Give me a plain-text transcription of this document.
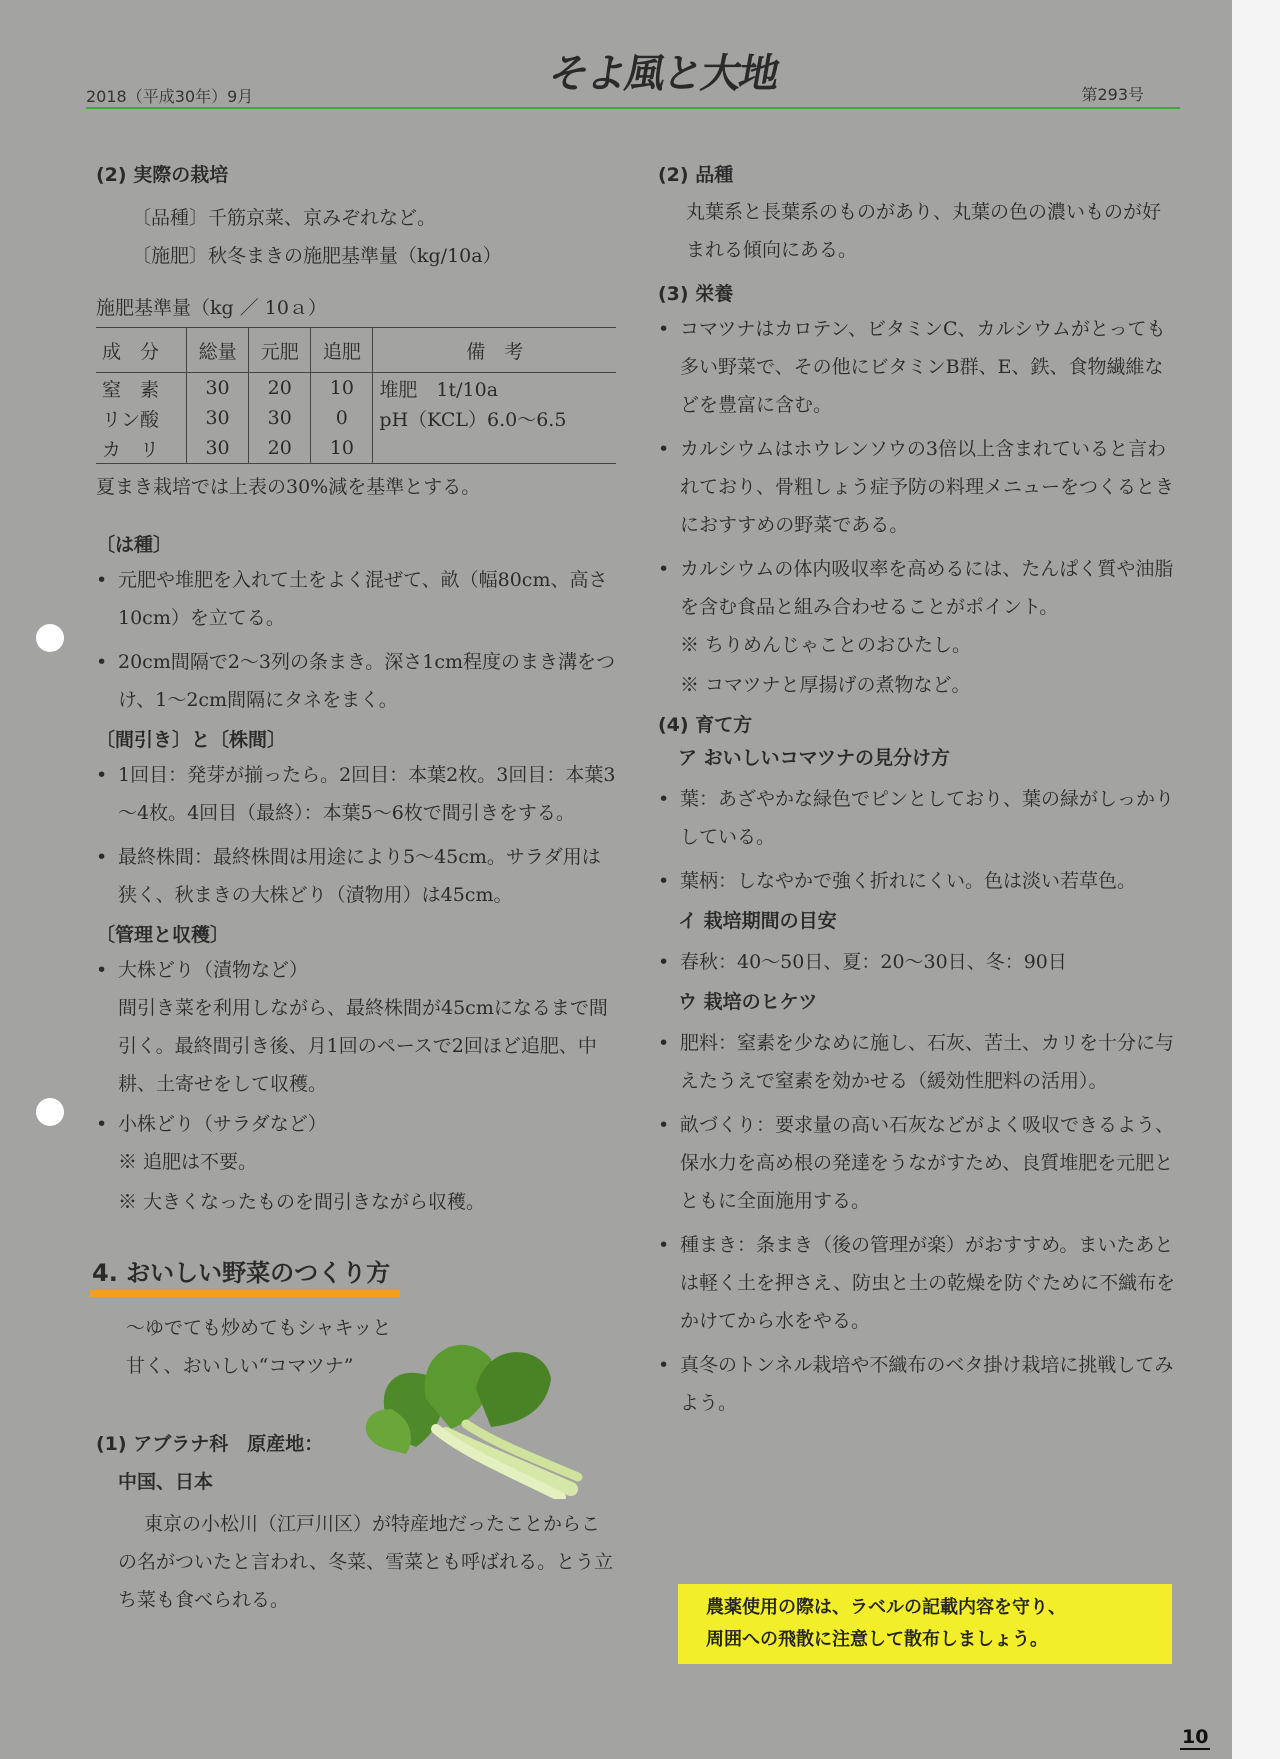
2018（平成30年）9月	そよ風と大地	第293号
(2) 実際の栽培

〔品種〕千筋京菜、京みぞれなど。

〔施肥〕秋冬まきの施肥基準量（kg/10a）

施肥基準量（kg ／ 10ａ）
成　分	総量	元肥	追肥	備　考
窒　素	30	20	10	堆肥　1t/10a
リン酸	30	30	0	pH（KCL）6.0～6.5
カ　リ	30	20	10	
夏まき栽培では上表の30%減を基準とする。
〔は種〕
• 元肥や堆肥を入れて土をよく混ぜて、畝（幅80cm、高さ10cm）を立てる。
• 20cm間隔で2～3列の条まき。深さ1cm程度のまき溝をつけ、1～2cm間隔にタネをまく。
〔間引き〕と〔株間〕
• 1回目：発芽が揃ったら。2回目：本葉2枚。3回目：本葉3～4枚。4回目（最終）：本葉5～6枚で間引きをする。
• 最終株間：最終株間は用途により5～45cm。サラダ用は狭く、秋まきの大株どり（漬物用）は45cm。
〔管理と収穫〕
• 大株どり（漬物など）
間引き菜を利用しながら、最終株間が45cmになるまで間引く。最終間引き後、月1回のペースで2回ほど追肥、中耕、土寄せをして収穫。
• 小株どり（サラダなど）
※ 追肥は不要。
※ 大きくなったものを間引きながら収穫。
4. おいしい野菜のつくり方
～ゆでても炒めてもシャキッと甘く、おいしい“コマツナ”
(1) アブラナ科　原産地：
中国、日本

東京の小松川（江戸川区）が特産地だったことからこの名がついたと言われ、冬菜、雪菜とも呼ばれる。とう立ち菜も食べられる。

(2) 品種

丸葉系と長葉系のものがあり、丸葉の色の濃いものが好まれる傾向にある。

(3) 栄養
• コマツナはカロテン、ビタミンC、カルシウムがとっても多い野菜で、その他にビタミンB群、E、鉄、食物繊維などを豊富に含む。
• カルシウムはホウレンソウの3倍以上含まれていると言われており、骨粗しょう症予防の料理メニューをつくるときにおすすめの野菜である。
• カルシウムの体内吸収率を高めるには、たんぱく質や油脂を含む食品と組み合わせることがポイント。
※ ちりめんじゃことのおひたし。
※ コマツナと厚揚げの煮物など。
(4) 育て方
ア おいしいコマツナの見分け方
• 葉：あざやかな緑色でピンとしており、葉の緑がしっかりしている。
• 葉柄：しなやかで強く折れにくい。色は淡い若草色。
イ 栽培期間の目安
• 春秋：40～50日、夏：20～30日、冬：90日
ウ 栽培のヒケツ
• 肥料：窒素を少なめに施し、石灰、苦土、カリを十分に与えたうえで窒素を効かせる（緩効性肥料の活用）。
• 畝づくり：要求量の高い石灰などがよく吸収できるよう、保水力を高め根の発達をうながすため、良質堆肥を元肥とともに全面施用する。
• 種まき：条まき（後の管理が楽）がおすすめ。まいたあとは軽く土を押さえ、防虫と土の乾燥を防ぐために不織布をかけてから水をやる。
• 真冬のトンネル栽培や不織布のベタ掛け栽培に挑戦してみよう。
農薬使用の際は、ラベルの記載内容を守り、
周囲への飛散に注意して散布しましょう。
10
